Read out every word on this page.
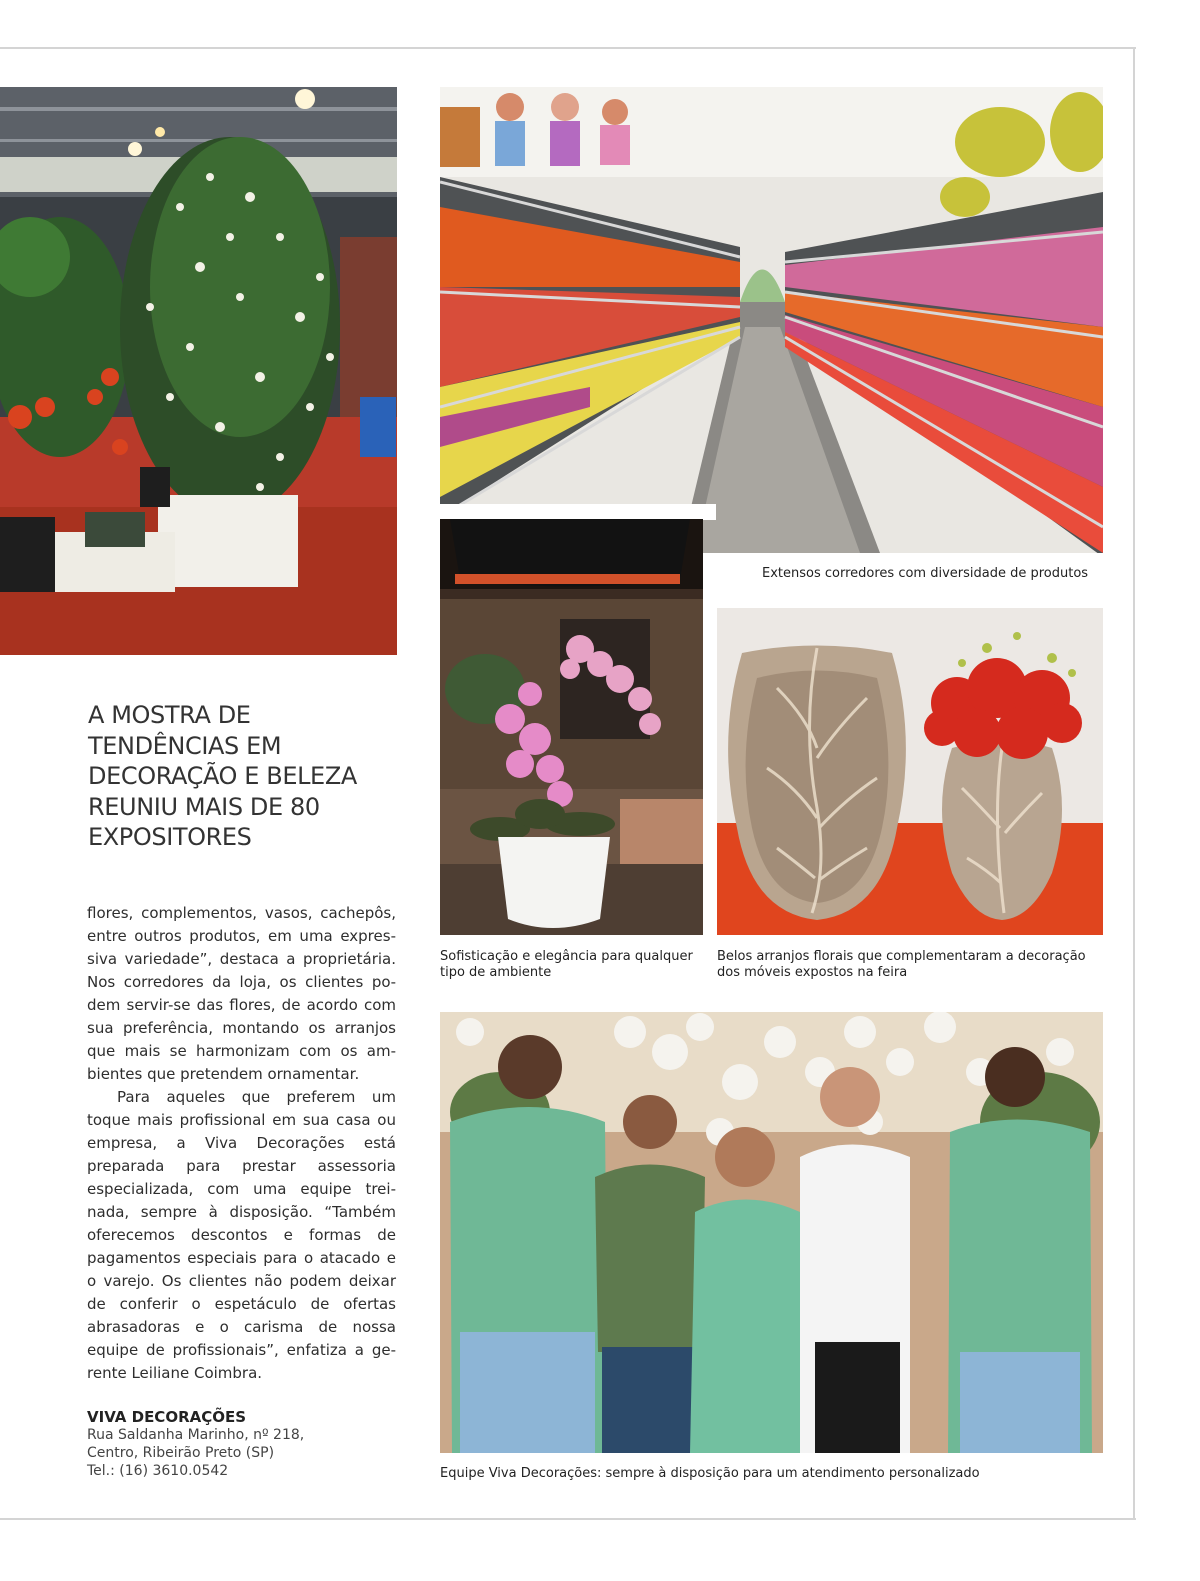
Extensos corredores com diversidade de produtos
Sofisticação e elegância para qualquer tipo de ambiente
Belos arranjos florais que complementaram a decoração dos móveis expostos na feira
Equipe Viva Decorações: sempre à disposição para um atendimento personalizado
A MOSTRA DE TENDÊNCIAS EM DECORAÇÃO E BELEZA REUNIU MAIS DE 80 EXPOSITORES

flores, complementos, vasos, cachepôs, entre outros produtos, em uma expressiva variedade”, destaca a proprietária. Nos corredores da loja, os clientes podem servir-se das flores, de acordo com sua preferência, montando os arranjos que mais se harmonizam com os ambientes que pretendem ornamentar.

Para aqueles que preferem um toque mais profissional em sua casa ou empresa, a Viva Decorações está preparada para prestar assessoria especializada, com uma equipe treinada, sempre à disposição. “Também oferecemos descontos e formas de pagamentos especiais para o atacado e o varejo. Os clientes não podem deixar de conferir o espetáculo de ofertas abrasadoras e o carisma de nossa equipe de profissionais”, enfatiza a gerente Leiliane Coimbra.

VIVA DECORAÇÕES
Rua Saldanha Marinho, nº 218,
Centro, Ribeirão Preto (SP)
Tel.: (16) 3610.0542
